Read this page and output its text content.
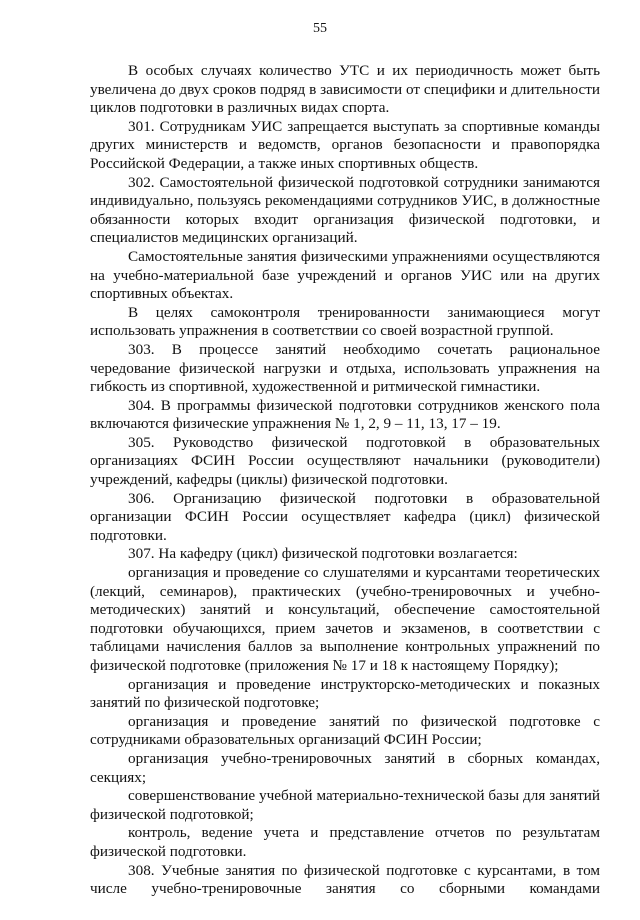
55

В особых случаях количество УТС и их периодичность может быть увеличена до двух сроков подряд в зависимости от специфики и длительности циклов подготовки в различных видах спорта.

301. Сотрудникам УИС запрещается выступать за спортивные команды других министерств и ведомств, органов безопасности и правопорядка Российской Федерации, а также иных спортивных обществ.

302. Самостоятельной физической подготовкой сотрудники занимаются индивидуально, пользуясь рекомендациями сотрудников УИС, в должностные обязанности которых входит организация физической подготовки, и специалистов медицинских организаций.

Самостоятельные занятия физическими упражнениями осуществляются на учебно-материальной базе учреждений и органов УИС или на других спортивных объектах.

В целях самоконтроля тренированности занимающиеся могут использовать упражнения в соответствии со своей возрастной группой.

303. В процессе занятий необходимо сочетать рациональное чередование физической нагрузки и отдыха, использовать упражнения на гибкость из спортивной, художественной и ритмической гимнастики.

304. В программы физической подготовки сотрудников женского пола включаются физические упражнения № 1, 2, 9 – 11, 13, 17 – 19.

305. Руководство физической подготовкой в образовательных организациях ФСИН России осуществляют начальники (руководители) учреждений, кафедры (циклы) физической подготовки.

306. Организацию физической подготовки в образовательной организации ФСИН России осуществляет кафедра (цикл) физической подготовки.

307. На кафедру (цикл) физической подготовки возлагается:

организация и проведение со слушателями и курсантами теоретических (лекций, семинаров), практических (учебно-тренировочных и учебно-методических) занятий и консультаций, обеспечение самостоятельной подготовки обучающихся, прием зачетов и экзаменов, в соответствии с таблицами начисления баллов за выполнение контрольных упражнений по физической подготовке (приложения № 17 и 18 к настоящему Порядку);

организация и проведение инструкторско-методических и показных занятий по физической подготовке;

организация и проведение занятий по физической подготовке с сотрудниками образовательных организаций ФСИН России;

организация учебно-тренировочных занятий в сборных командах, секциях;

совершенствование учебной материально-технической базы для занятий физической подготовкой;

контроль, ведение учета и представление отчетов по результатам физической подготовки.

308. Учебные занятия по физической подготовке с курсантами, в том числе учебно-тренировочные занятия со сборными командами
